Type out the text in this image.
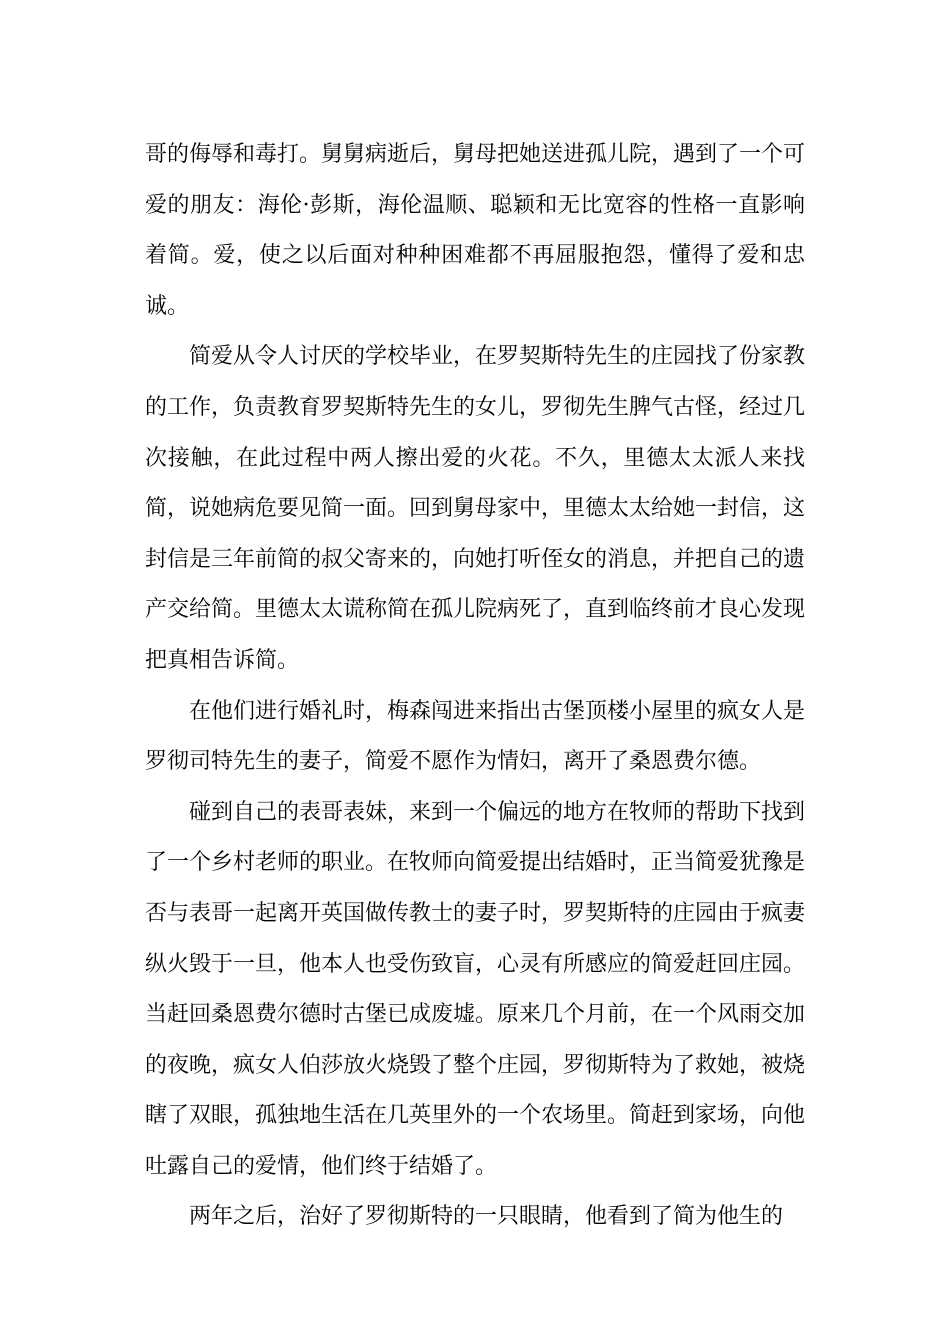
哥的侮辱和毒打。舅舅病逝后，舅母把她送进孤儿院，遇到了一个可爱的朋友：海伦·彭斯，海伦温顺、聪颖和无比宽容的性格一直影响着简。爱，使之以后面对种种困难都不再屈服抱怨，懂得了爱和忠诚。

简爱从令人讨厌的学校毕业，在罗契斯特先生的庄园找了份家教的工作，负责教育罗契斯特先生的女儿，罗彻先生脾气古怪，经过几次接触，在此过程中两人擦出爱的火花。不久，里德太太派人来找简，说她病危要见简一面。回到舅母家中，里德太太给她一封信，这封信是三年前简的叔父寄来的，向她打听侄女的消息，并把自己的遗产交给简。里德太太谎称简在孤儿院病死了，直到临终前才良心发现把真相告诉简。

在他们进行婚礼时，梅森闯进来指出古堡顶楼小屋里的疯女人是罗彻司特先生的妻子，简爱不愿作为情妇，离开了桑恩费尔德。

碰到自己的表哥表妹，来到一个偏远的地方在牧师的帮助下找到了一个乡村老师的职业。在牧师向简爱提出结婚时，正当简爱犹豫是否与表哥一起离开英国做传教士的妻子时，罗契斯特的庄园由于疯妻纵火毁于一旦，他本人也受伤致盲，心灵有所感应的简爱赶回庄园。当赶回桑恩费尔德时古堡已成废墟。原来几个月前，在一个风雨交加的夜晚，疯女人伯莎放火烧毁了整个庄园，罗彻斯特为了救她，被烧瞎了双眼，孤独地生活在几英里外的一个农场里。简赶到家场，向他吐露自己的爱情，他们终于结婚了。

两年之后，治好了罗彻斯特的一只眼睛，他看到了简为他生的
